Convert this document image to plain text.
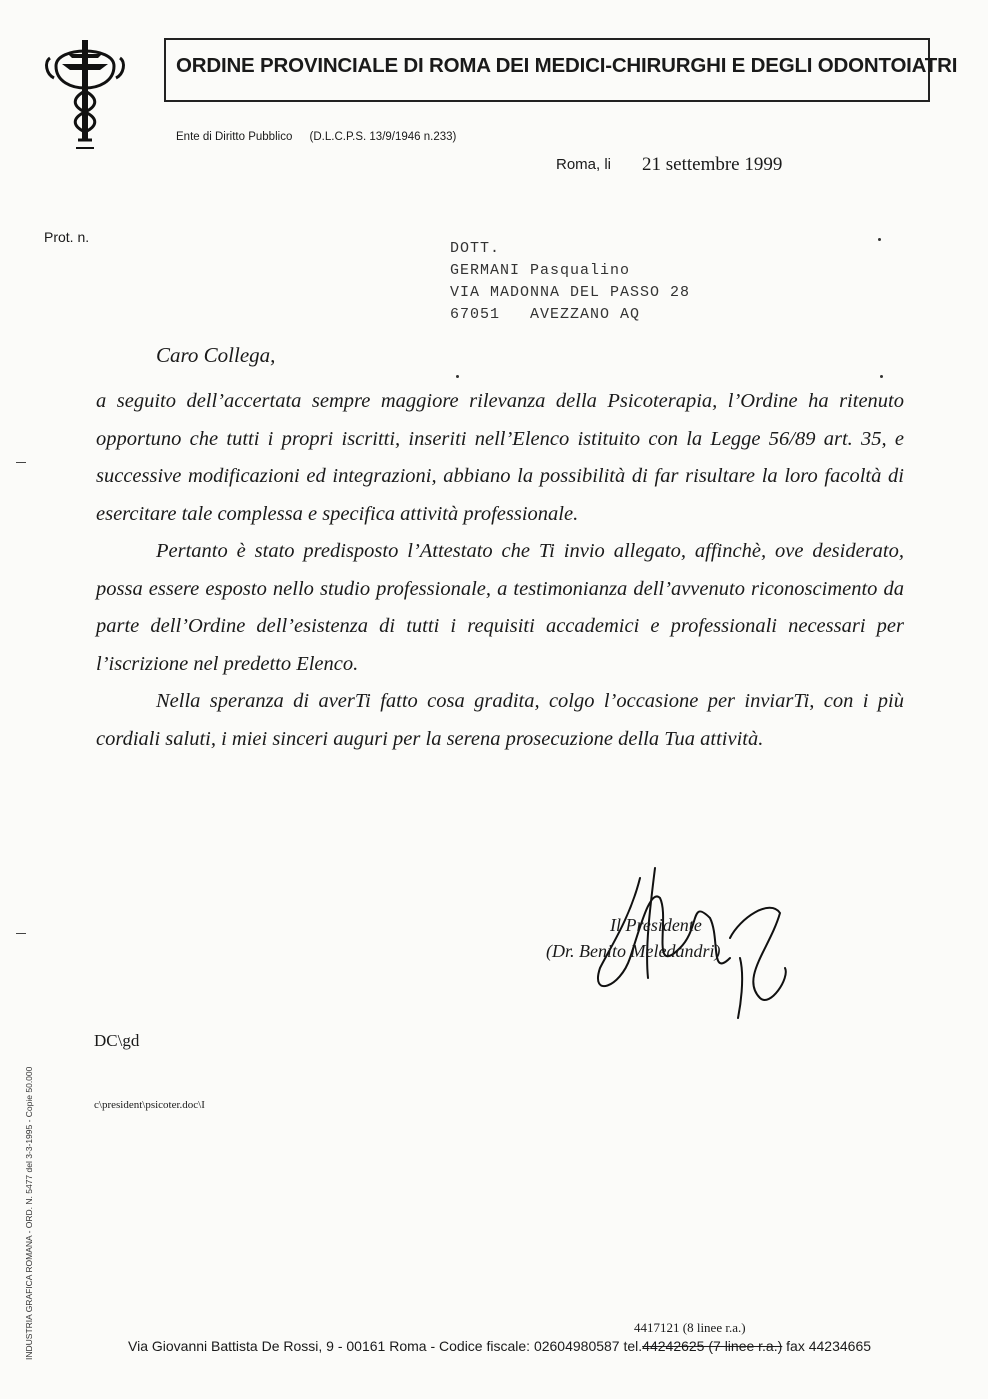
ORDINE PROVINCIALE DI ROMA DEI MEDICI-CHIRURGHI E DEGLI ODONTOIATRI
Ente di Diritto Pubblico (D.L.C.P.S. 13/9/1946 n.233)
Roma, li 21 settembre 1999
Prot. n.
DOTT.
GERMANI Pasqualino
VIA MADONNA DEL PASSO 28
67051   AVEZZANO AQ
Caro Collega,

a seguito dell’accertata sempre maggiore rilevanza della Psicoterapia, l’Ordine ha ritenuto opportuno che tutti i propri iscritti, inseriti nell’Elenco istituito con la Legge 56/89 art. 35, e successive modificazioni ed integrazioni, abbiano la possibilità di far risultare la loro facoltà di esercitare tale complessa e specifica attività professionale.

Pertanto è stato predisposto l’Attestato che Ti invio allegato, affinchè, ove desiderato, possa essere esposto nello studio professionale, a testimonianza dell’avvenuto riconoscimento da parte dell’Ordine dell’esistenza di tutti i requisiti accademici e professionali necessari per l’iscrizione nel predetto Elenco.

Nella speranza di averTi fatto cosa gradita, colgo l’occasione per inviarTi, con i più cordiali saluti, i miei sinceri auguri per la serena prosecuzione della Tua attività.

Il Presidente
(Dr. Benito Meledandri)
DC\gd
c\president\psicoter.doc\I
INDUSTRIA GRAFICA ROMANA - ORD. N. 5477 del 3-3-1995 - Copie 50.000	4417121 (8 linee r.a.)
Via Giovanni Battista De Rossi, 9 - 00161 Roma - Codice fiscale: 02604980587 tel.44242625 (7 linee r.a.) fax 44234665
